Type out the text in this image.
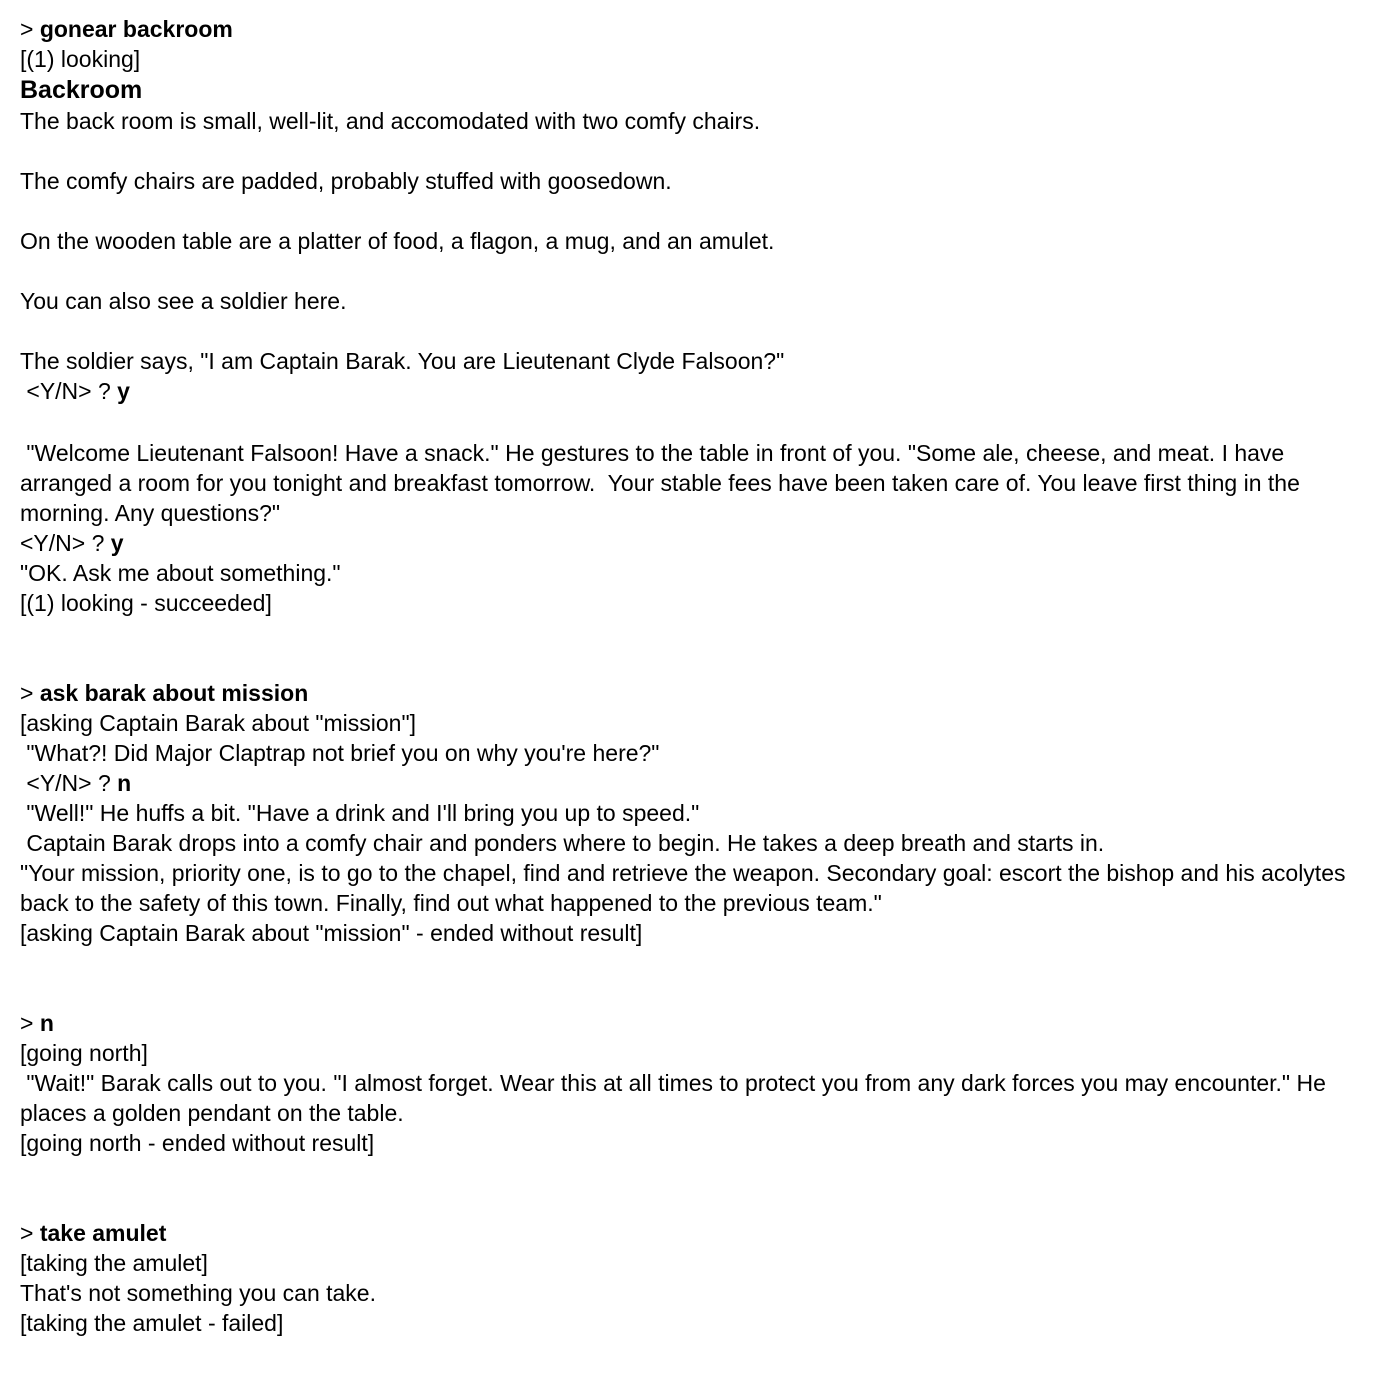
> gonear backroom
[(1) looking]
Backroom
The back room is small, well-lit, and accomodated with two comfy chairs.
The comfy chairs are padded, probably stuffed with goosedown.
On the wooden table are a platter of food, a flagon, a mug, and an amulet.
You can also see a soldier here.
The soldier says, "I am Captain Barak. You are Lieutenant Clyde Falsoon?"
<Y/N> ? y
"Welcome Lieutenant Falsoon! Have a snack." He gestures to the table in front of you. "Some ale, cheese, and meat. I have arranged a room for you tonight and breakfast tomorrow.  Your stable fees have been taken care of. You leave first thing in the morning. Any questions?"
<Y/N> ? y
"OK. Ask me about something."
[(1) looking - succeeded]
> ask barak about mission
[asking Captain Barak about "mission"]
"What?! Did Major Claptrap not brief you on why you're here?"
<Y/N> ? n
"Well!" He huffs a bit. "Have a drink and I'll bring you up to speed."
Captain Barak drops into a comfy chair and ponders where to begin. He takes a deep breath and starts in.
"Your mission, priority one, is to go to the chapel, find and retrieve the weapon. Secondary goal: escort the bishop and his acolytes back to the safety of this town. Finally, find out what happened to the previous team."
[asking Captain Barak about "mission" - ended without result]
> n
[going north]
"Wait!" Barak calls out to you. "I almost forget. Wear this at all times to protect you from any dark forces you may encounter." He places a golden pendant on the table.
[going north - ended without result]
> take amulet
[taking the amulet]
That's not something you can take.
[taking the amulet - failed]
